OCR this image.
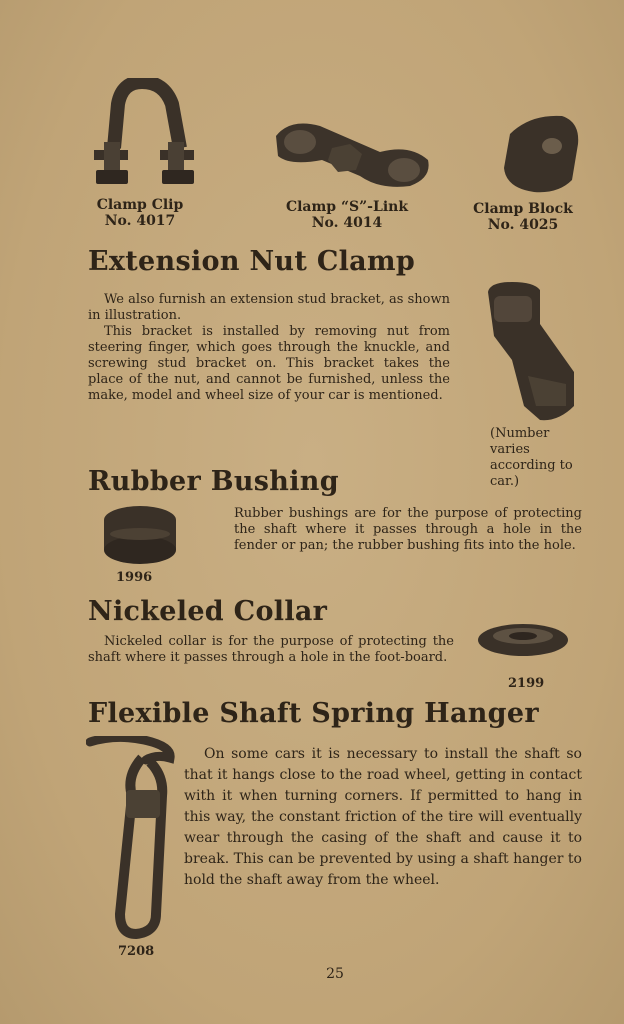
Clamp Clip
No. 4017
Clamp “S”-Link
No. 4014
Clamp Block
No. 4025
Extension Nut Clamp

We also furnish an extension stud bracket, as shown in illustration.

This bracket is installed by removing nut from steering finger, which goes through the knuckle, and screwing stud bracket on. This bracket takes the place of the nut, and cannot be furnished, unless the make, model and wheel size of your car is mentioned.

(Number varies according to car.)
Rubber Bushing
1996
Rubber bushings are for the purpose of protecting the shaft where it passes through a hole in the fender or pan; the rubber bushing fits into the hole.
Nickeled Collar

Nickeled collar is for the purpose of protecting the shaft where it passes through a hole in the foot-board.

2199
Flexible Shaft Spring Hanger
7208

On some cars it is necessary to install the shaft so that it hangs close to the road wheel, getting in contact with it when turning corners. If permitted to hang in this way, the constant friction of the tire will eventually wear through the casing of the shaft and cause it to break. This can be prevented by using a shaft hanger to hold the shaft away from the wheel.

25
